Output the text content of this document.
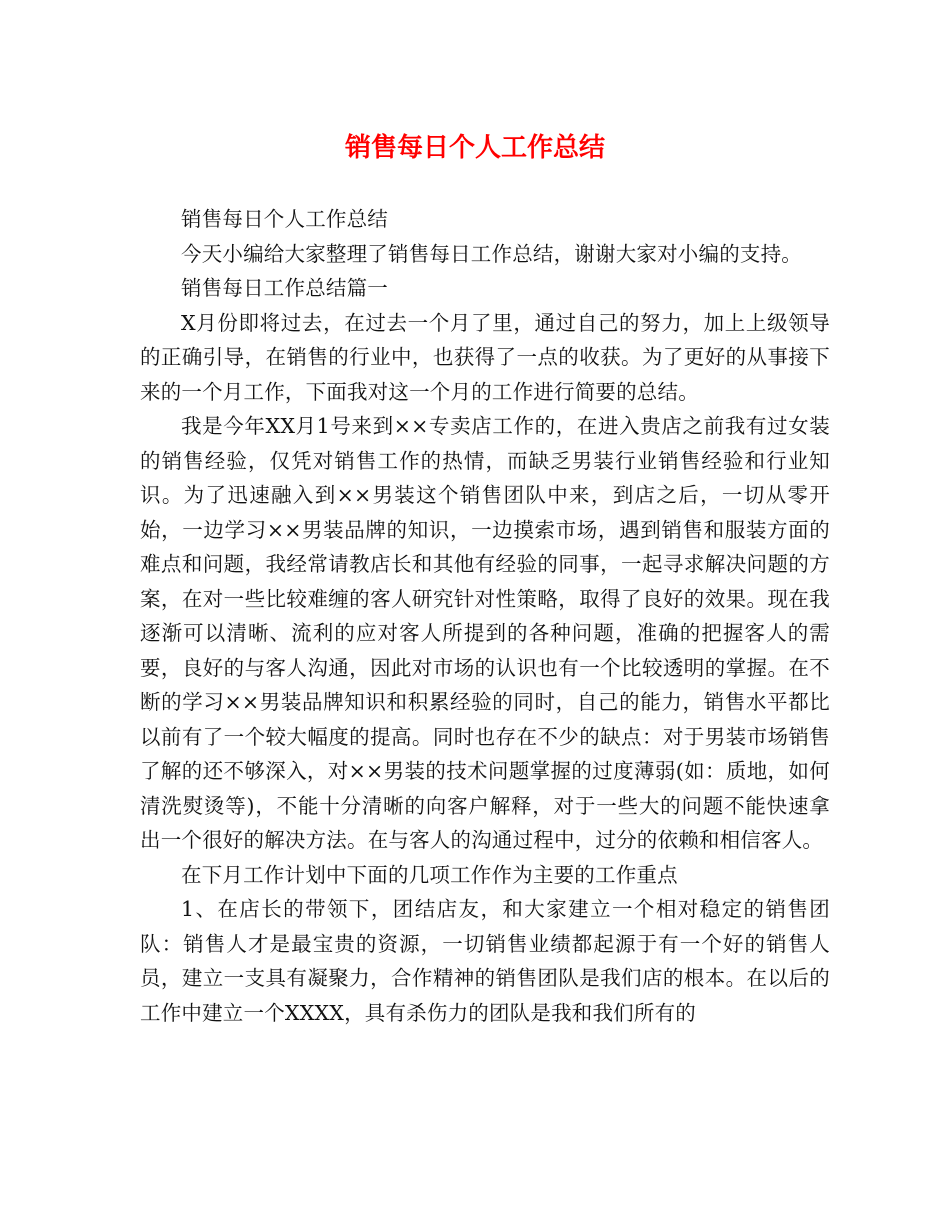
销售每日个人工作总结

销售每日个人工作总结

今天小编给大家整理了销售每日工作总结，谢谢大家对小编的支持。

销售每日工作总结篇一

X月份即将过去，在过去一个月了里，通过自己的努力，加上上级领导的正确引导，在销售的行业中，也获得了一点的收获。为了更好的从事接下来的一个月工作，下面我对这一个月的工作进行简要的总结。

我是今年XX月1号来到××专卖店工作的，在进入贵店之前我有过女装的销售经验，仅凭对销售工作的热情，而缺乏男装行业销售经验和行业知识。为了迅速融入到××男装这个销售团队中来，到店之后，一切从零开始，一边学习××男装品牌的知识，一边摸索市场，遇到销售和服装方面的难点和问题，我经常请教店长和其他有经验的同事，一起寻求解决问题的方案，在对一些比较难缠的客人研究针对性策略，取得了良好的效果。现在我逐渐可以清晰、流利的应对客人所提到的各种问题，准确的把握客人的需要，良好的与客人沟通，因此对市场的认识也有一个比较透明的掌握。在不断的学习××男装品牌知识和积累经验的同时，自己的能力，销售水平都比以前有了一个较大幅度的提高。同时也存在不少的缺点：对于男装市场销售了解的还不够深入，对××男装的技术问题掌握的过度薄弱(如：质地，如何清洗熨烫等)，不能十分清晰的向客户解释，对于一些大的问题不能快速拿出一个很好的解决方法。在与客人的沟通过程中，过分的依赖和相信客人。

在下月工作计划中下面的几项工作作为主要的工作重点

1、在店长的带领下，团结店友，和大家建立一个相对稳定的销售团队：销售人才是最宝贵的资源，一切销售业绩都起源于有一个好的销售人员，建立一支具有凝聚力，合作精神的销售团队是我们店的根本。在以后的工作中建立一个XXXX，具有杀伤力的团队是我和我们所有的
